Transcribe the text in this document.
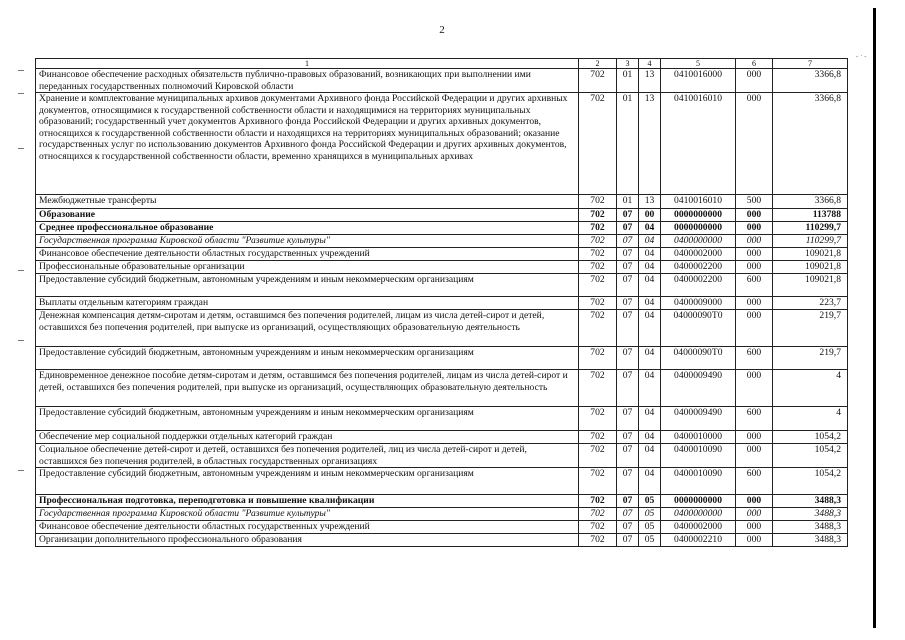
2
- · -
1	2	3	4	5	6	7
Финансовое обеспечение расходных обязательств публично-правовых образований, возникающих при выполнении ими переданных государственных полномочий Кировской области	702	01	13	0410016000	000	3366,8
Хранение и комплектование муниципальных архивов документами Архивного фонда Российской Федерации и других архивных документов, относящимися к государственной собственности области и находящимися на территориях муниципальных образований; государственный учет документов Архивного фонда Российской Федерации и других архивных документов, относящихся к государственной собственности области и находящихся на территориях муниципальных образований; оказание государственных услуг по использованию документов Архивного фонда Российской Федерации и других архивных документов, относящихся к государственной собственности области, временно хранящихся в муниципальных архивах	702	01	13	0410016010	000	3366,8
Межбюджетные трансферты	702	01	13	0410016010	500	3366,8
Образование	702	07	00	0000000000	000	113788
Среднее профессиональное образование	702	07	04	0000000000	000	110299,7
Государственная программа Кировской области "Развитие культуры"	702	07	04	0400000000	000	110299,7
Финансовое обеспечение деятельности областных государственных учреждений	702	07	04	0400002000	000	109021,8
Профессиональные образовательные организации	702	07	04	0400002200	000	109021,8
Предоставление субсидий бюджетным, автономным учреждениям и иным некоммерческим организациям	702	07	04	0400002200	600	109021,8
Выплаты отдельным категориям граждан	702	07	04	0400009000	000	223,7
Денежная компенсация детям-сиротам и детям, оставшимся без попечения родителей, лицам из числа детей-сирот и детей, оставшихся без попечения родителей, при выпуске из организаций, осуществляющих образовательную деятельность	702	07	04	04000090Т0	000	219,7
Предоставление субсидий бюджетным, автономным учреждениям и иным некоммерческим организациям	702	07	04	04000090Т0	600	219,7
Единовременное денежное пособие детям-сиротам и детям, оставшимся без попечения родителей, лицам из числа детей-сирот и детей, оставшихся без попечения родителей, при выпуске из организаций, осуществляющих образовательную деятельность	702	07	04	0400009490	000	4
Предоставление субсидий бюджетным, автономным учреждениям и иным некоммерческим организациям	702	07	04	0400009490	600	4
Обеспечение мер социальной поддержки отдельных категорий граждан	702	07	04	0400010000	000	1054,2
Социальное обеспечение детей-сирот и детей, оставшихся без попечения родителей, лиц из числа детей-сирот и детей, оставшихся без попечения родителей, в областных государственных организациях	702	07	04	0400010090	000	1054,2
Предоставление субсидий бюджетным, автономным учреждениям и иным некоммерческим организациям	702	07	04	0400010090	600	1054,2
Профессиональная подготовка, переподготовка и повышение квалификации	702	07	05	0000000000	000	3488,3
Государственная программа Кировской области "Развитие культуры"	702	07	05	0400000000	000	3488,3
Финансовое обеспечение деятельности областных государственных учреждений	702	07	05	0400002000	000	3488,3
Организации дополнительного профессионального образования	702	07	05	0400002210	000	3488,3
